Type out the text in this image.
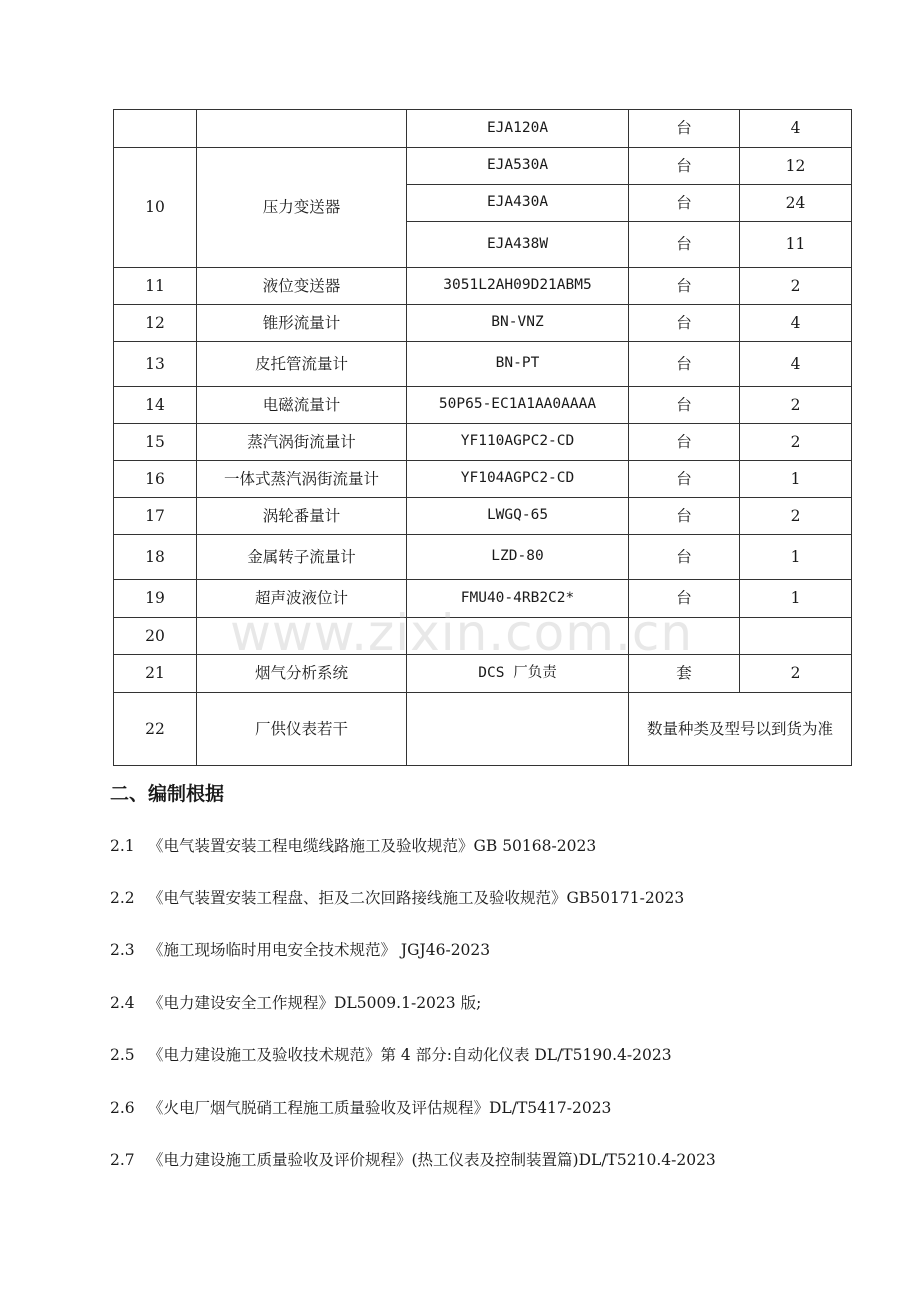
www.zixin.com.cn
		EJA120A	台	4
10	压力变送器	EJA530A	台	12
		EJA430A	台	24
		EJA438W	台	11
11	液位变送器	3051L2AH09D21ABM5	台	2
12	锥形流量计	BN-VNZ	台	4
13	皮托管流量计	BN-PT	台	4
14	电磁流量计	50P65-EC1A1AA0AAAA	台	2
15	蒸汽涡街流量计	YF110AGPC2-CD	台	2
16	一体式蒸汽涡街流量计	YF104AGPC2-CD	台	1
17	涡轮番量计	LWGQ-65	台	2
18	金属转子流量计	LZD-80	台	1
19	超声波液位计	FMU40-4RB2C2*	台	1
20				
21	烟气分析系统	DCS 厂负责	套	2
22	厂供仪表若干		数量种类及型号以到货为准	
二、编制根据
2.1 《电气装置安装工程电缆线路施工及验收规范》GB 50168-2023
2.2 《电气装置安装工程盘、拒及二次回路接线施工及验收规范》GB50171-2023
2.3 《施工现场临时用电安全技术规范》 JGJ46-2023
2.4 《电力建设安全工作规程》DL5009.1-2023 版;
2.5 《电力建设施工及验收技术规范》第 4 部分:自动化仪表 DL/T5190.4-2023
2.6 《火电厂烟气脱硝工程施工质量验收及评估规程》DL/T5417-2023
2.7 《电力建设施工质量验收及评价规程》(热工仪表及控制装置篇)DL/T5210.4-2023
